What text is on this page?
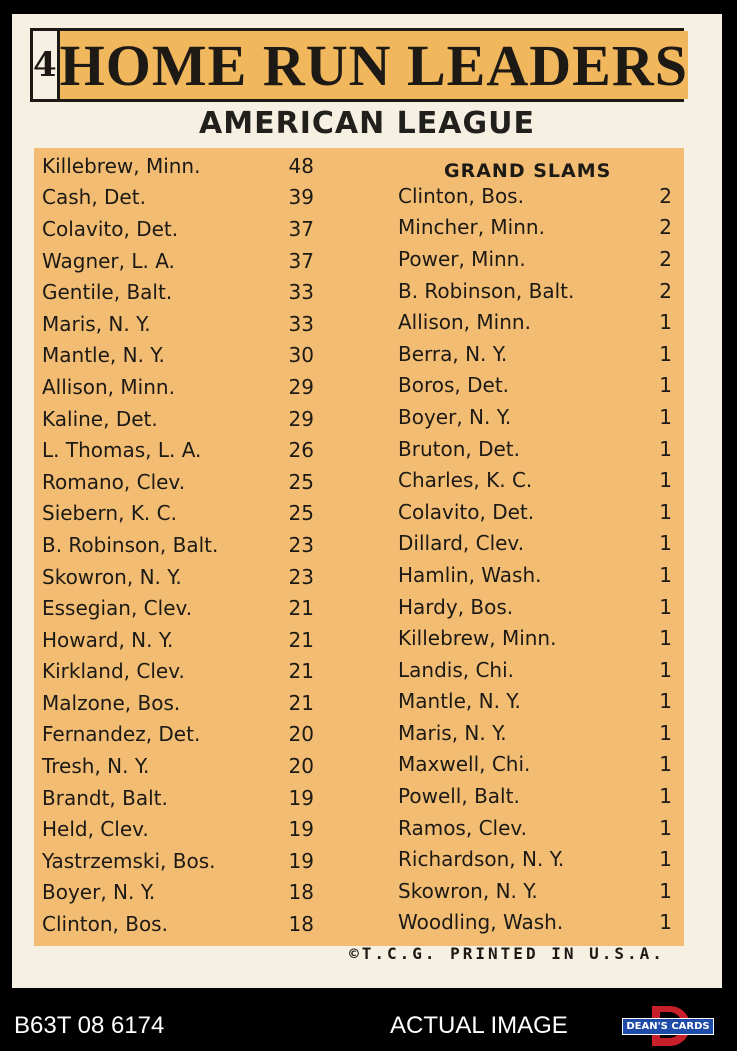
4 HOME RUN LEADERS
AMERICAN LEAGUE
Killebrew, Minn.	48
Cash, Det.	39
Colavito, Det.	37
Wagner, L. A.	37
Gentile, Balt.	33
Maris, N. Y.	33
Mantle, N. Y.	30
Allison, Minn.	29
Kaline, Det.	29
L. Thomas, L. A.	26
Romano, Clev.	25
Siebern, K. C.	25
B. Robinson, Balt.	23
Skowron, N. Y.	23
Essegian, Clev.	21
Howard, N. Y.	21
Kirkland, Clev.	21
Malzone, Bos.	21
Fernandez, Det.	20
Tresh, N. Y.	20
Brandt, Balt.	19
Held, Clev.	19
Yastrzemski, Bos.	19
Boyer, N. Y.	18
Clinton, Bos.	18
GRAND SLAMS
Clinton, Bos.	2
Mincher, Minn.	2
Power, Minn.	2
B. Robinson, Balt.	2
Allison, Minn.	1
Berra, N. Y.	1
Boros, Det.	1
Boyer, N. Y.	1
Bruton, Det.	1
Charles, K. C.	1
Colavito, Det.	1
Dillard, Clev.	1
Hamlin, Wash.	1
Hardy, Bos.	1
Killebrew, Minn.	1
Landis, Chi.	1
Mantle, N. Y.	1
Maris, N. Y.	1
Maxwell, Chi.	1
Powell, Balt.	1
Ramos, Clev.	1
Richardson, N. Y.	1
Skowron, N. Y.	1
Woodling, Wash.	1
©T.C.G. PRINTED IN U.S.A.
B63T 08 6174	ACTUAL IMAGE	DEAN'S CARDS
